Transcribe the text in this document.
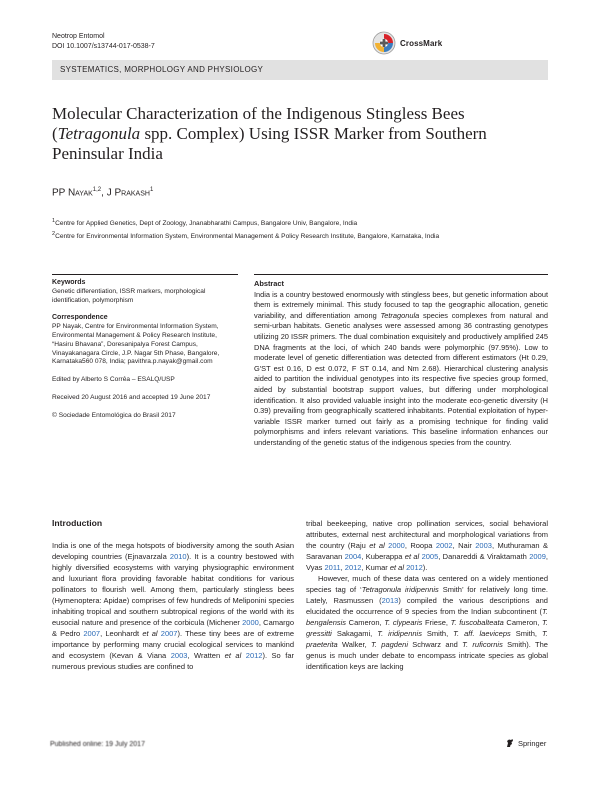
Neotrop Entomol
DOI 10.1007/s13744-017-0538-7	CrossMark
SYSTEMATICS, MORPHOLOGY AND PHYSIOLOGY
Molecular Characterization of the Indigenous Stingless Bees
(Tetragonula spp. Complex) Using ISSR Marker from Southern
Peninsular India
PP Nayak$^{1,2}$, J Prakash$^1$
$^1$Centre for Applied Genetics, Dept of Zoology, Jnanabharathi Campus, Bangalore Univ, Bangalore, India
$^2$Centre for Environmental Information System, Environmental Management & Policy Research Institute, Bangalore, Karnataka, India
Keywords
Genetic differentiation, ISSR markers, morphological identification, polymorphism
Correspondence
PP Nayak, Centre for Environmental Information System, Environmental Management & Policy Research Institute, “Hasiru Bhavana”, Doresanipalya Forest Campus, Vinayakanagara Circle, J.P. Nagar 5th Phase, Bangalore, Karnataka560 078, India; pavithra.p.nayak@gmail.com
Edited by Alberto S Corrêa – ESALQ/USP
Received 20 August 2016 and accepted 19 June 2017
© Sociedade Entomológica do Brasil 2017
Abstract
India is a country bestowed enormously with stingless bees, but genetic information about them is extremely minimal. This study focused to tap the geographic allocation, genetic variability, and differentiation among Tetragonula species complexes from natural and semi-urban habitats. Genetic analyses were assessed among 36 contrasting genotypes utilizing 20 ISSR primers. The dual combination exquisitely and productively amplified 245 DNA fragments at the loci, of which 240 bands were polymorphic (97.95%). Low to moderate level of genetic differentiation was detected from different estimators (Ht 0.29, G′ST est 0.16, D est 0.072, F ST 0.14, and Nm 2.68). Hierarchical clustering analysis aided to partition the individual genotypes into its respective five species group formed, aided by substantial bootstrap support values, but differing under morphological identification. It also provided valuable insight into the moderate eco-genetic diversity (H 0.39) prevailing from geographically scattered inhabitants. Potential exploitation of hyper-variable ISSR marker turned out fairly as a promising technique for finding valid polymorphisms and infers relevant variations. This baseline information enhances our understanding of the genetic status of the indigenous species from the country.
Introduction

India is one of the mega hotspots of biodiversity among the south Asian developing countries (Ejnavarzala 2010). It is a country bestowed with highly diversified ecosystems with varying physiographic environment and luxuriant flora providing favorable habitat conditions for various pollinators to flourish well. Among them, particularly stingless bees (Hymenoptera: Apidae) comprises of few hundreds of Meliponini species inhabiting tropical and southern subtropical regions of the world with its eusocial nature and presence of the corbicula (Michener 2000, Camargo & Pedro 2007, Leonhardt et al 2007). These tiny bees are of extreme importance by performing many crucial ecological services to mankind and ecosystem (Kevan & Viana 2003, Wratten et al 2012). So far numerous previous studies are confined to

tribal beekeeping, native crop pollination services, social behavioral attributes, external nest architectural and morphological variations from the country (Raju et al 2000, Roopa 2002, Nair 2003, Muthuraman & Saravanan 2004, Kuberappa et al 2005, Danareddi & Viraktamath 2009, Vyas 2011, 2012, Kumar et al 2012).

However, much of these data was centered on a widely mentioned species tag of ‘Tetragonula iridipennis Smith’ for relatively long time. Lately, Rasmussen (2013) compiled the various descriptions and elucidated the occurrence of 9 species from the Indian subcontinent (T. bengalensis Cameron, T. clypearis Friese, T. fuscobalteata Cameron, T. gressitti Sakagami, T. iridipennis Smith, T. aff. laeviceps Smith, T. praeterita Walker, T. pagdeni Schwarz and T. ruficornis Smith). The genus is much under debate to encompass intricate species as global identification keys are lacking

Published online: 19 July 2017	Springer
